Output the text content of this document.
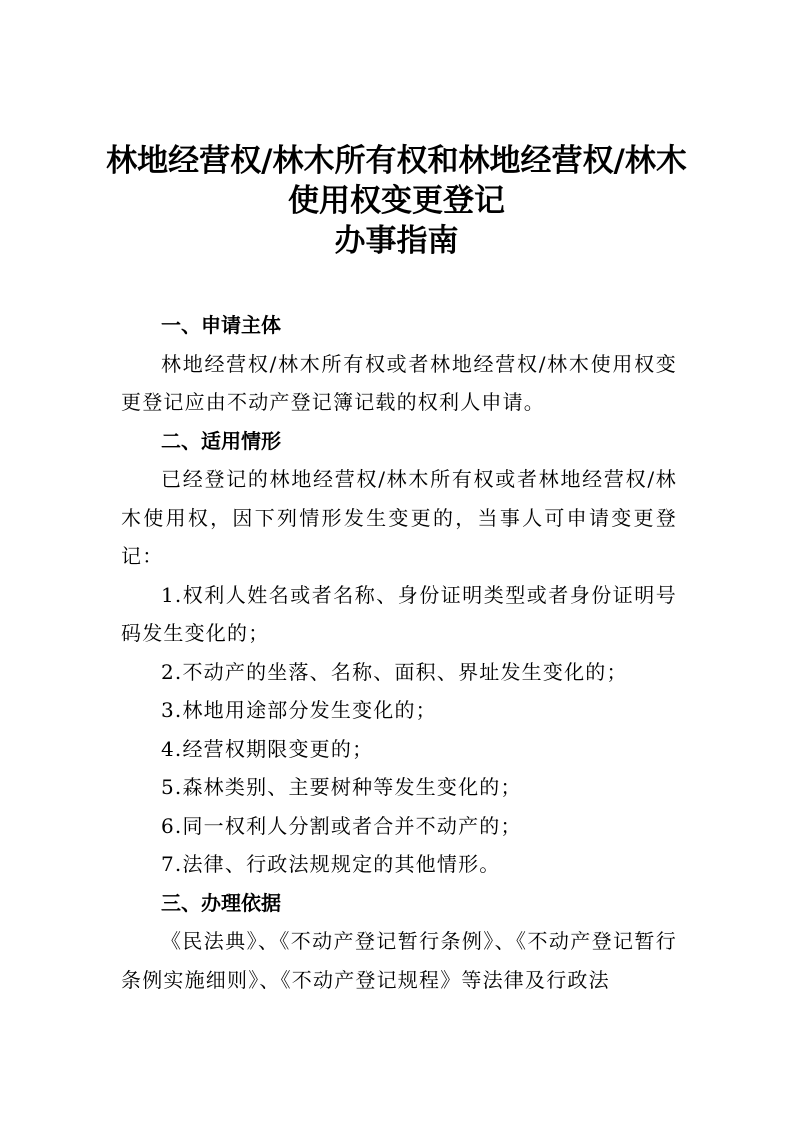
林地经营权/林木所有权和林地经营权/林木
使用权变更登记
办事指南
一、申请主体
林地经营权/林木所有权或者林地经营权/林木使用权变更登记应由不动产登记簿记载的权利人申请。
二、适用情形
已经登记的林地经营权/林木所有权或者林地经营权/林木使用权，因下列情形发生变更的，当事人可申请变更登记：
1.权利人姓名或者名称、身份证明类型或者身份证明号码发生变化的；
2.不动产的坐落、名称、面积、界址发生变化的；
3.林地用途部分发生变化的；
4.经营权期限变更的；
5.森林类别、主要树种等发生变化的；
6.同一权利人分割或者合并不动产的；
7.法律、行政法规规定的其他情形。
三、办理依据
《民法典》、《不动产登记暂行条例》、《不动产登记暂行条例实施细则》、《不动产登记规程》等法律及行政法
